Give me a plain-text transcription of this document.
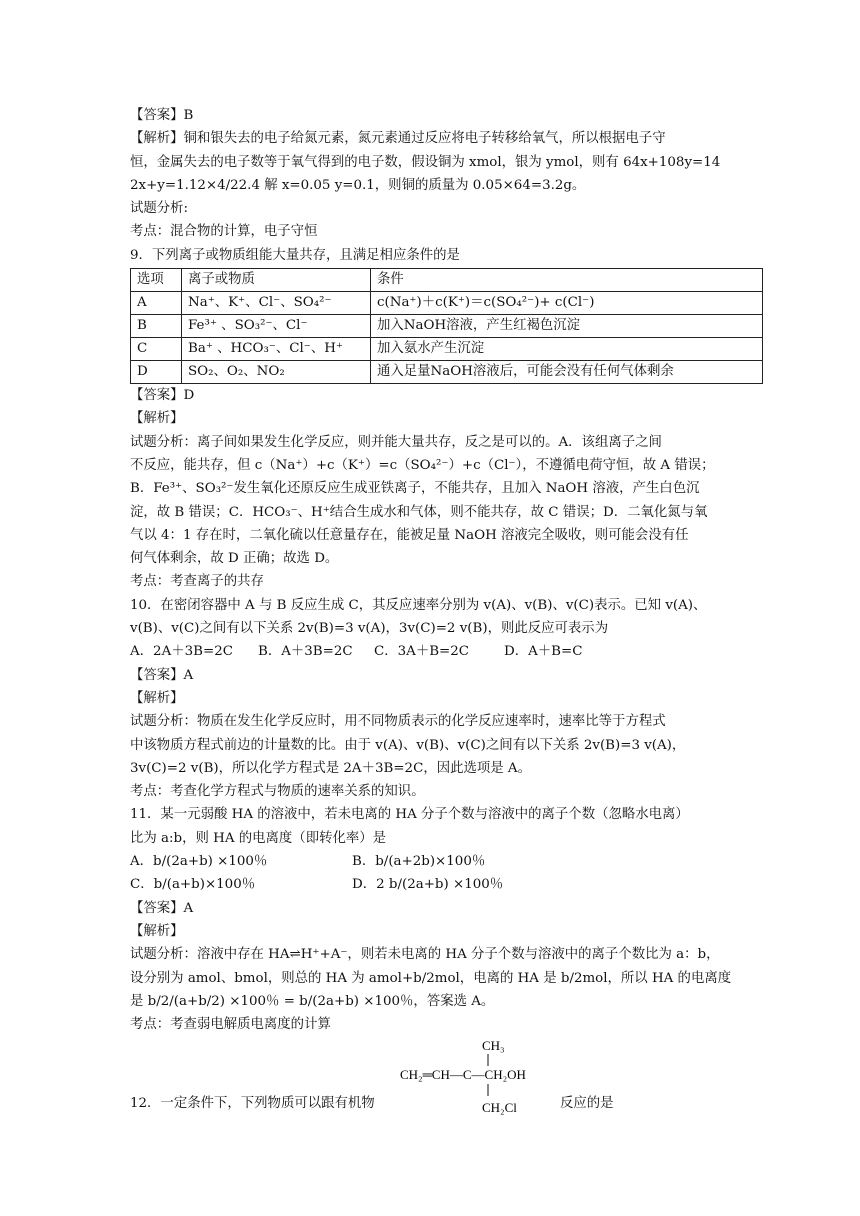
【答案】B
【解析】铜和银失去的电子给氮元素，氮元素通过反应将电子转移给氧气，所以根据电子守
恒，金属失去的电子数等于氧气得到的电子数，假设铜为 xmol，银为 ymol，则有 64x+108y=14
2x+y=1.12×4/22.4 解 x=0.05 y=0.1，则铜的质量为 0.05×64=3.2g。
试题分析:
考点：混合物的计算，电子守恒
9．下列离子或物质组能大量共存，且满足相应条件的是
选项	离子或物质	条件
A	Na⁺、K⁺、Cl⁻、SO₄²⁻	c(Na⁺)＋c(K⁺)＝c(SO₄²⁻)+ c(Cl⁻)
B	Fe³⁺ 、SO₃²⁻、Cl⁻	加入NaOH溶液，产生红褐色沉淀
C	Ba⁺ 、HCO₃⁻、Cl⁻、H⁺	加入氨水产生沉淀
D	SO₂、O₂、NO₂	通入足量NaOH溶液后，可能会没有任何气体剩余
【答案】D
【解析】
试题分析：离子间如果发生化学反应，则并能大量共存，反之是可以的。A．该组离子之间
不反应，能共存，但 c（Na⁺）+c（K⁺）=c（SO₄²⁻）+c（Cl⁻），不遵循电荷守恒，故 A 错误；
B．Fe³⁺、SO₃²⁻发生氧化还原反应生成亚铁离子，不能共存，且加入 NaOH 溶液，产生白色沉
淀，故 B 错误；C．HCO₃⁻、H⁺结合生成水和气体，则不能共存，故 C 错误；D．二氧化氮与氧
气以 4：1 存在时，二氧化硫以任意量存在，能被足量 NaOH 溶液完全吸收，则可能会没有任
何气体剩余，故 D 正确；故选 D。
考点：考查离子的共存
10．在密闭容器中 A 与 B 反应生成 C，其反应速率分别为 v(A)、v(B)、v(C)表示。已知 v(A)、
v(B)、v(C)之间有以下关系 2v(B)=3 v(A)，3v(C)=2 v(B)，则此反应可表示为
A．2A＋3B=2C	B．A＋3B=2C	C．3A＋B=2C	D．A＋B=C
【答案】A
【解析】
试题分析：物质在发生化学反应时，用不同物质表示的化学反应速率时，速率比等于方程式
中该物质方程式前边的计量数的比。由于 v(A)、v(B)、v(C)之间有以下关系 2v(B)=3 v(A)，
3v(C)=2 v(B)，所以化学方程式是 2A＋3B=2C，因此选项是 A。
考点：考查化学方程式与物质的速率关系的知识。
11．某一元弱酸 HA 的溶液中，若未电离的 HA 分子个数与溶液中的离子个数（忽略水电离）
比为 a:b，则 HA 的电离度（即转化率）是
A．b/(2a+b) ×100％	B．b/(a+2b)×100％
C．b/(a+b)×100％	D．2 b/(2a+b) ×100％
【答案】A
【解析】
试题分析：溶液中存在 HA⇌H⁺+A⁻，则若未电离的 HA 分子个数与溶液中的离子个数比为 a：b，
设分别为 amol、bmol，则总的 HA 为 amol+b/2mol，电离的 HA 是 b/2mol，所以 HA 的电离度
是 b/2/(a+b/2) ×100％ = b/(2a+b) ×100％，答案选 A。
考点：考查弱电解质电离度的计算
CH₃
CH₂═CH—C—CH₂OH
CH₂Cl
12．一定条件下，下列物质可以跟有机物	反应的是
